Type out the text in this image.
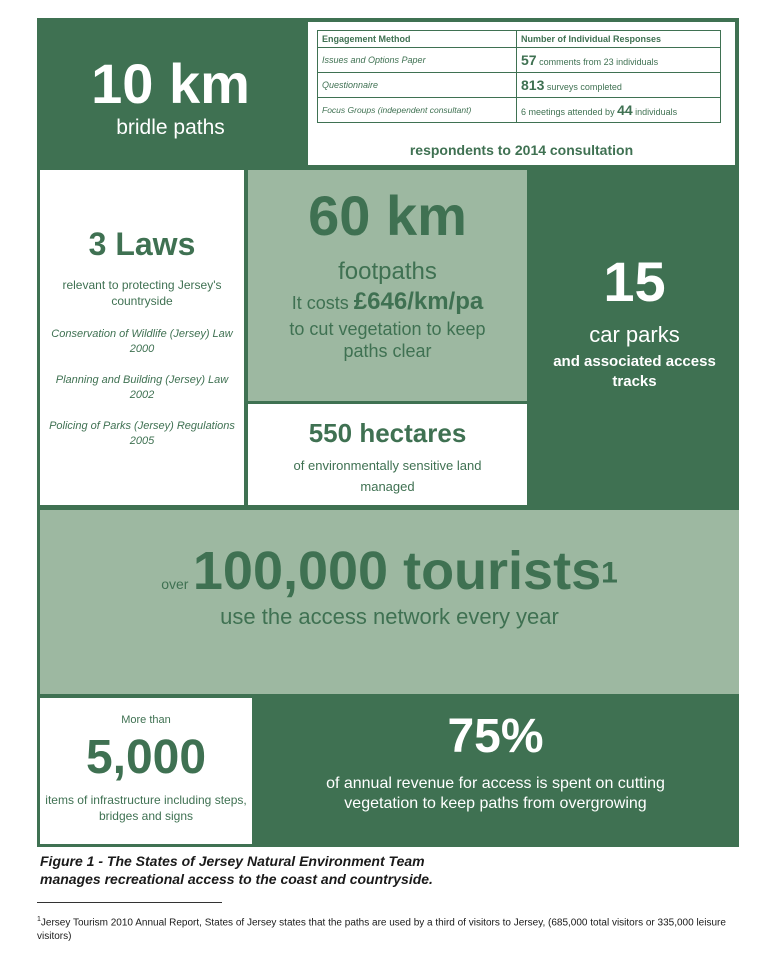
10 km
bridle paths
Engagement Method	Number of Individual Responses
Issues and Options Paper	57 comments from 23 individuals
Questionnaire	813 surveys completed
Focus Groups (independent consultant)	6 meetings attended by 44 individuals
respondents to 2014 consultation
3 Laws
relevant to protecting Jersey's countryside
Conservation of Wildlife (Jersey) Law 2000
Planning and Building (Jersey) Law 2002
Policing of Parks (Jersey) Regulations 2005
60 km
footpaths
It costs £646/km/pa
to cut vegetation to keep paths clear
15
car parks
and associated access tracks
550 hectares
of environmentally sensitive land managed
over 100,000 tourists$^1$
use the access network every year
More than
5,000
items of infrastructure including steps, bridges and signs
75%
of annual revenue for access is spent on cutting vegetation to keep paths from overgrowing
Figure 1 - The States of Jersey Natural Environment Team manages recreational access to the coast and countryside.
$^1$Jersey Tourism 2010 Annual Report, States of Jersey states that the paths are used by a third of visitors to Jersey, (685,000 total visitors or 335,000 leisure visitors)
